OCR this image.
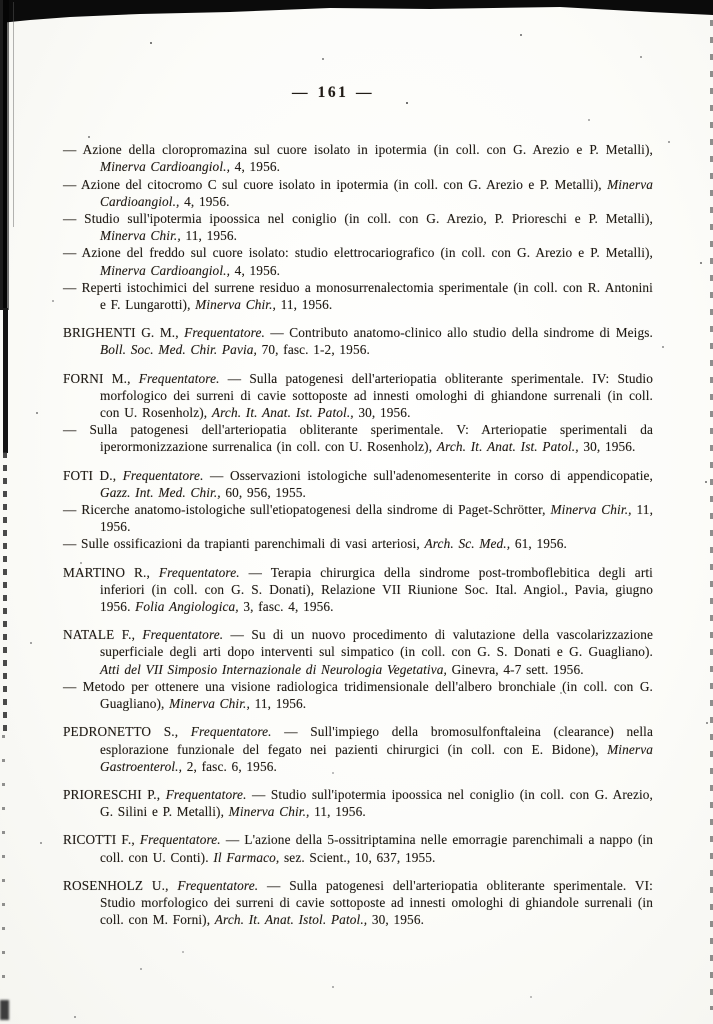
— 161 —

— Azione della cloropromazina sul cuore isolato in ipotermia (in coll. con G. Arezio e P. Metalli), Minerva Cardioangiol., 4, 1956.

— Azione del citocromo C sul cuore isolato in ipotermia (in coll. con G. Arezio e P. Metalli), Minerva Cardioangiol., 4, 1956.

— Studio sull'ipotermia ipoossica nel coniglio (in coll. con G. Arezio, P. Prioreschi e P. Metalli), Minerva Chir., 11, 1956.

— Azione del freddo sul cuore isolato: studio elettrocariografico (in coll. con G. Arezio e P. Metalli), Minerva Cardioangiol., 4, 1956.

— Reperti istochimici del surrene residuo a monosurrenalectomia sperimentale (in coll. con R. Antonini e F. Lungarotti), Minerva Chir., 11, 1956.

BRIGHENTI G. M., Frequentatore. — Contributo anatomo-clinico allo studio della sindrome di Meigs. Boll. Soc. Med. Chir. Pavia, 70, fasc. 1-2, 1956.

FORNI M., Frequentatore. — Sulla patogenesi dell'arteriopatia obliterante sperimentale. IV: Studio morfologico dei surreni di cavie sottoposte ad innesti omologhi di ghiandone surrenali (in coll. con U. Rosenholz), Arch. It. Anat. Ist. Patol., 30, 1956.

— Sulla patogenesi dell'arteriopatia obliterante sperimentale. V: Arteriopatie sperimentali da iperormonizzazione surrenalica (in coll. con U. Rosenholz), Arch. It. Anat. Ist. Patol., 30, 1956.

FOTI D., Frequentatore. — Osservazioni istologiche sull'adenomesenterite in corso di appendicopatie, Gazz. Int. Med. Chir., 60, 956, 1955.

— Ricerche anatomo-istologiche sull'etiopatogenesi della sindrome di Paget-Schrötter, Minerva Chir., 11, 1956.

— Sulle ossificazioni da trapianti parenchimali di vasi arteriosi, Arch. Sc. Med., 61, 1956.

MARTINO R., Frequentatore. — Terapia chirurgica della sindrome post-tromboflebitica degli arti inferiori (in coll. con G. S. Donati), Relazione VII Riunione Soc. Ital. Angiol., Pavia, giugno 1956. Folia Angiologica, 3, fasc. 4, 1956.

NATALE F., Frequentatore. — Su di un nuovo procedimento di valutazione della vascolarizzazione superficiale degli arti dopo interventi sul simpatico (in coll. con G. S. Donati e G. Guagliano). Atti del VII Simposio Internazionale di Neurologia Vegetativa, Ginevra, 4-7 sett. 1956.

— Metodo per ottenere una visione radiologica tridimensionale dell'albero bronchiale (in coll. con G. Guagliano), Minerva Chir., 11, 1956.

PEDRONETTO S., Frequentatore. — Sull'impiego della bromosulfonftaleina (clearance) nella esplorazione funzionale del fegato nei pazienti chirurgici (in coll. con E. Bidone), Minerva Gastroenterol., 2, fasc. 6, 1956.

PRIORESCHI P., Frequentatore. — Studio sull'ipotermia ipoossica nel coniglio (in coll. con G. Arezio, G. Silini e P. Metalli), Minerva Chir., 11, 1956.

RICOTTI F., Frequentatore. — L'azione della 5-ossitriptamina nelle emorragie parenchimali a nappo (in coll. con U. Conti). Il Farmaco, sez. Scient., 10, 637, 1955.

ROSENHOLZ U., Frequentatore. — Sulla patogenesi dell'arteriopatia obliterante sperimentale. VI: Studio morfologico dei surreni di cavie sottoposte ad innesti omologhi di ghiandole surrenali (in coll. con M. Forni), Arch. It. Anat. Istol. Patol., 30, 1956.
